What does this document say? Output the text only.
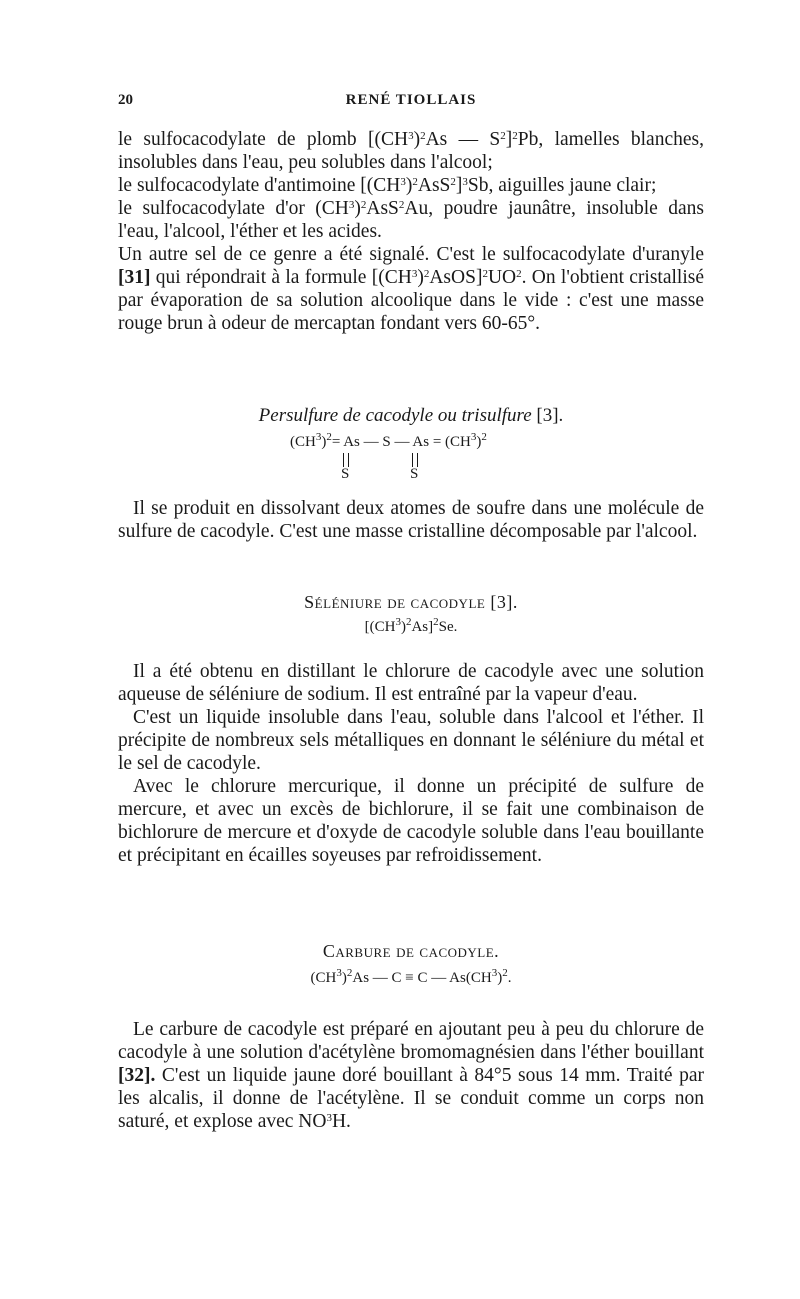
20	RENÉ TIOLLAIS

le sulfocacodylate de plomb [$(CH^3)^2As$ — $S^2]^2Pb$, lamelles blanches, insolubles dans l'eau, peu solubles dans l'alcool;

le sulfocacodylate d'antimoine $[(CH^3)^2AsS^2]^3Sb$, aiguilles jaune clair;

le sulfocacodylate d'or $(CH^3)^2AsS^2Au$, poudre jaunâtre, insoluble dans l'eau, l'alcool, l'éther et les acides.

Un autre sel de ce genre a été signalé. C'est le sulfocacodylate d'uranyle [31] qui répondrait à la formule $[(CH^3)^2AsOS]^2UO^2$. On l'obtient cristallisé par évaporation de sa solution alcoolique dans le vide : c'est une masse rouge brun à odeur de mercaptan fondant vers 60-65°.

Persulfure de cacodyle ou trisulfure [3].

$(CH^3)^2= As$ — S — $As = (CH^3)^2$
S	S

Il se produit en dissolvant deux atomes de soufre dans une molécule de sulfure de cacodyle. C'est une masse cristalline décomposable par l'alcool.

Séléniure de cacodyle [3].

$[(CH^3)^2As]^2Se$.

Il a été obtenu en distillant le chlorure de cacodyle avec une solution aqueuse de séléniure de sodium. Il est entraîné par la vapeur d'eau.

C'est un liquide insoluble dans l'eau, soluble dans l'alcool et l'éther. Il précipite de nombreux sels métalliques en donnant le séléniure du métal et le sel de cacodyle.

Avec le chlorure mercurique, il donne un précipité de sulfure de mercure, et avec un excès de bichlorure, il se fait une combinaison de bichlorure de mercure et d'oxyde de cacodyle soluble dans l'eau bouillante et précipitant en écailles soyeuses par refroidissement.

Carbure de cacodyle.

$(CH^3)^2As$ — C ≡ C — $As(CH^3)^2$.

Le carbure de cacodyle est préparé en ajoutant peu à peu du chlorure de cacodyle à une solution d'acétylène bromomagnésien dans l'éther bouillant [32]. C'est un liquide jaune doré bouillant à 84°5 sous 14 mm. Traité par les alcalis, il donne de l'acétylène. Il se conduit comme un corps non saturé, et explose avec $NO^3H$.
